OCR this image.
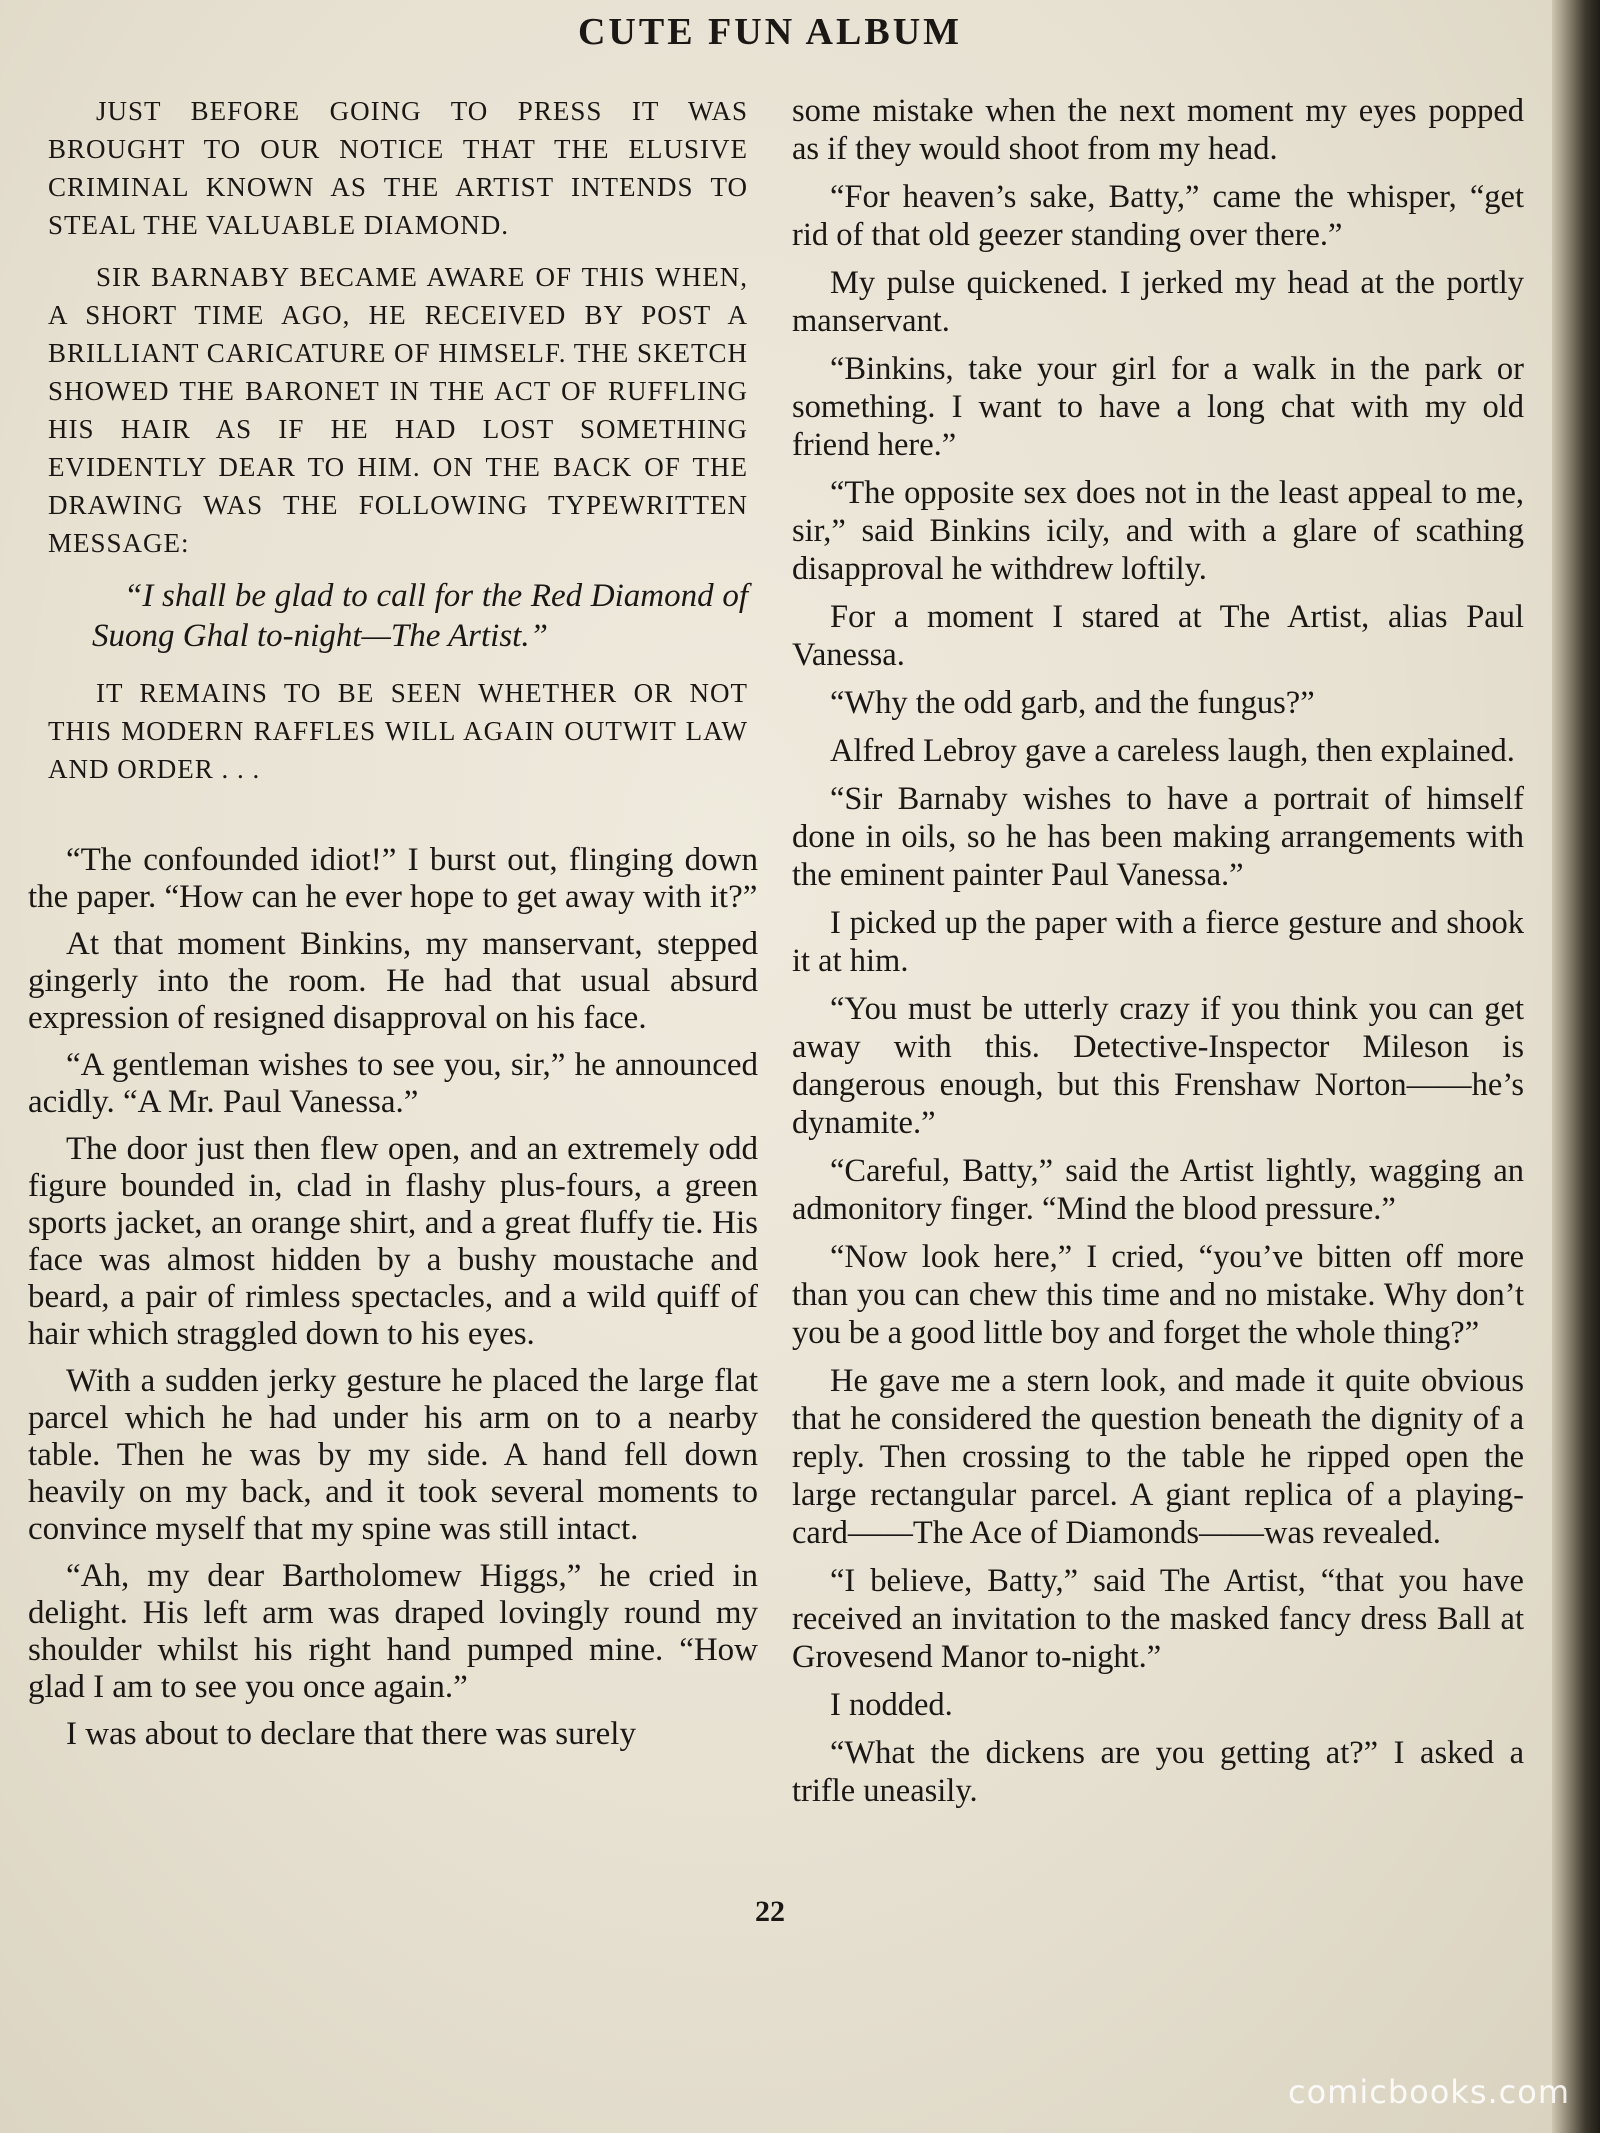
CUTE FUN ALBUM

JUST BEFORE GOING TO PRESS IT WAS BROUGHT TO OUR NOTICE THAT THE ELUSIVE CRIMINAL KNOWN AS THE ARTIST INTENDS TO STEAL THE VALUABLE DIAMOND.

SIR BARNABY BECAME AWARE OF THIS WHEN, A SHORT TIME AGO, HE RECEIVED BY POST A BRILLIANT CARICATURE OF HIMSELF. THE SKETCH SHOWED THE BARONET IN THE ACT OF RUFFLING HIS HAIR AS IF HE HAD LOST SOMETHING EVIDENTLY DEAR TO HIM. ON THE BACK OF THE DRAWING WAS THE FOLLOWING TYPEWRITTEN MESSAGE:

“I shall be glad to call for the Red Diamond of Suong Ghal to-night—The Artist.”

IT REMAINS TO BE SEEN WHETHER OR NOT THIS MODERN RAFFLES WILL AGAIN OUTWIT LAW AND ORDER . . .

“The confounded idiot!” I burst out, flinging down the paper. “How can he ever hope to get away with it?”

At that moment Binkins, my manservant, stepped gingerly into the room. He had that usual absurd expression of resigned disapproval on his face.

“A gentleman wishes to see you, sir,” he announced acidly. “A Mr. Paul Vanessa.”

The door just then flew open, and an extremely odd figure bounded in, clad in flashy plus-fours, a green sports jacket, an orange shirt, and a great fluffy tie. His face was almost hidden by a bushy moustache and beard, a pair of rimless spectacles, and a wild quiff of hair which straggled down to his eyes.

With a sudden jerky gesture he placed the large flat parcel which he had under his arm on to a nearby table. Then he was by my side. A hand fell down heavily on my back, and it took several moments to convince myself that my spine was still intact.

“Ah, my dear Bartholomew Higgs,” he cried in delight. His left arm was draped lovingly round my shoulder whilst his right hand pumped mine. “How glad I am to see you once again.”

I was about to declare that there was surely

some mistake when the next moment my eyes popped as if they would shoot from my head.

“For heaven’s sake, Batty,” came the whisper, “get rid of that old geezer standing over there.”

My pulse quickened. I jerked my head at the portly manservant.

“Binkins, take your girl for a walk in the park or something. I want to have a long chat with my old friend here.”

“The opposite sex does not in the least appeal to me, sir,” said Binkins icily, and with a glare of scathing disapproval he withdrew loftily.

For a moment I stared at The Artist, alias Paul Vanessa.

“Why the odd garb, and the fungus?”

Alfred Lebroy gave a careless laugh, then explained.

“Sir Barnaby wishes to have a portrait of himself done in oils, so he has been making arrangements with the eminent painter Paul Vanessa.”

I picked up the paper with a fierce gesture and shook it at him.

“You must be utterly crazy if you think you can get away with this. Detective-Inspector Mileson is dangerous enough, but this Frenshaw Norton——he’s dynamite.”

“Careful, Batty,” said the Artist lightly, wagging an admonitory finger. “Mind the blood pressure.”

“Now look here,” I cried, “you’ve bitten off more than you can chew this time and no mistake. Why don’t you be a good little boy and forget the whole thing?”

He gave me a stern look, and made it quite obvious that he considered the question beneath the dignity of a reply. Then crossing to the table he ripped open the large rectangular parcel. A giant replica of a playing-card——The Ace of Diamonds——was revealed.

“I believe, Batty,” said The Artist, “that you have received an invitation to the masked fancy dress Ball at Grovesend Manor to-night.”

I nodded.

“What the dickens are you getting at?” I asked a trifle uneasily.

22
comicbooks.com
